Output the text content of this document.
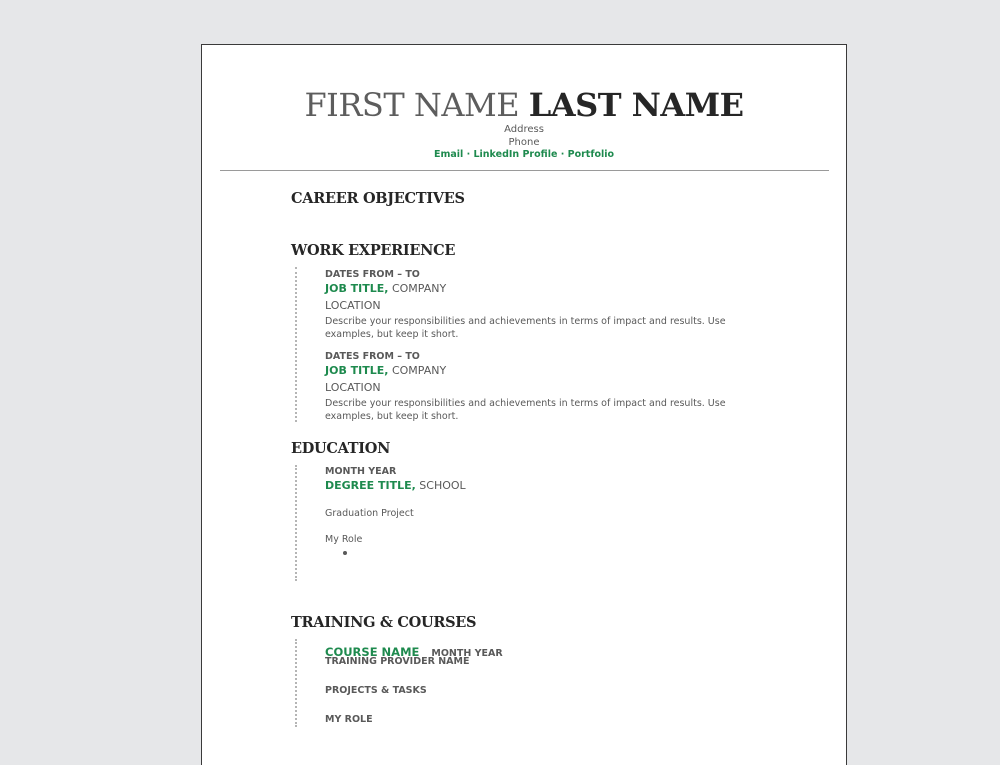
FIRST NAME LAST NAME
Address
Phone
Email · LinkedIn Profile · Portfolio
CAREER OBJECTIVES
WORK EXPERIENCE
DATES FROM – TO
JOB TITLE, COMPANY
LOCATION
Describe your responsibilities and achievements in terms of impact and results. Use examples, but keep it short.
DATES FROM – TO
JOB TITLE, COMPANY
LOCATION
Describe your responsibilities and achievements in terms of impact and results. Use examples, but keep it short.
EDUCATION
MONTH YEAR
DEGREE TITLE, SCHOOL
Graduation Project
My Role
TRAINING & COURSES
COURSE NAME MONTH YEAR
TRAINING PROVIDER NAME
PROJECTS & TASKS
MY ROLE
